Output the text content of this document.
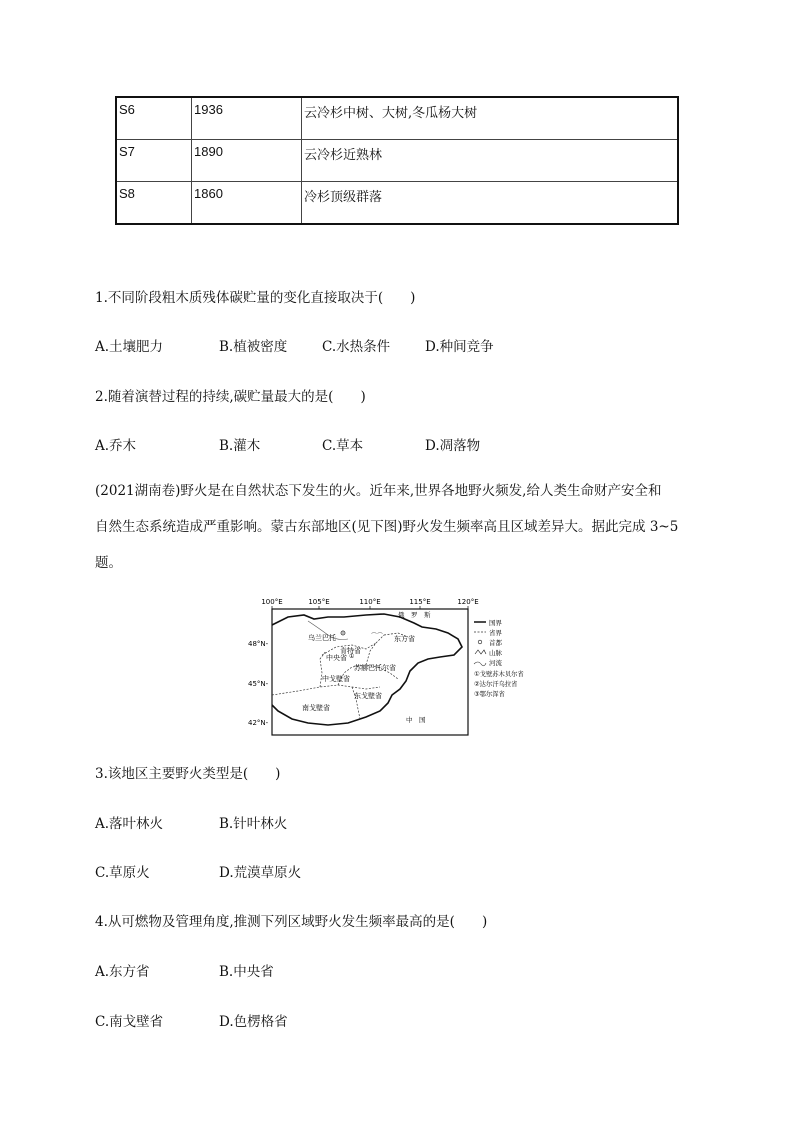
S6	1936	云冷杉中树、大树,冬瓜杨大树
S7	1890	云冷杉近熟林
S8	1860	冷杉顶级群落
1.不同阶段粗木质残体碳贮量的变化直接取决于(　　)
A.土壤肥力	B.植被密度	C.水热条件	D.种间竞争
2.随着演替过程的持续,碳贮量最大的是(　　)
A.乔木	B.灌木	C.草本	D.凋落物
(2021湖南卷)野火是在自然状态下发生的火。近年来,世界各地野火频发,给人类生命财产安全和
自然生态系统造成严重影响。蒙古东部地区(见下图)野火发生频率高且区域差异大。据此完成 3~5
题。
100°E	105°E	110°E	115°E	120°E
48°N-
45°N-
42°N-
⌒⌒
俄　罗　斯
乌兰巴托	东方省
肯特省
中央省
苏赫巴托尔省
中戈壁省
东戈壁省
南戈壁省
中　国
①
国界
省界
首都
山脉
河流
①戈壁苏木贝尔省
②达尔汗乌拉省
③鄂尔浑省
3.该地区主要野火类型是(　　)
A.落叶林火	B.针叶林火
C.草原火	D.荒漠草原火
4.从可燃物及管理角度,推测下列区域野火发生频率最高的是(　　)
A.东方省	B.中央省
C.南戈壁省	D.色楞格省
